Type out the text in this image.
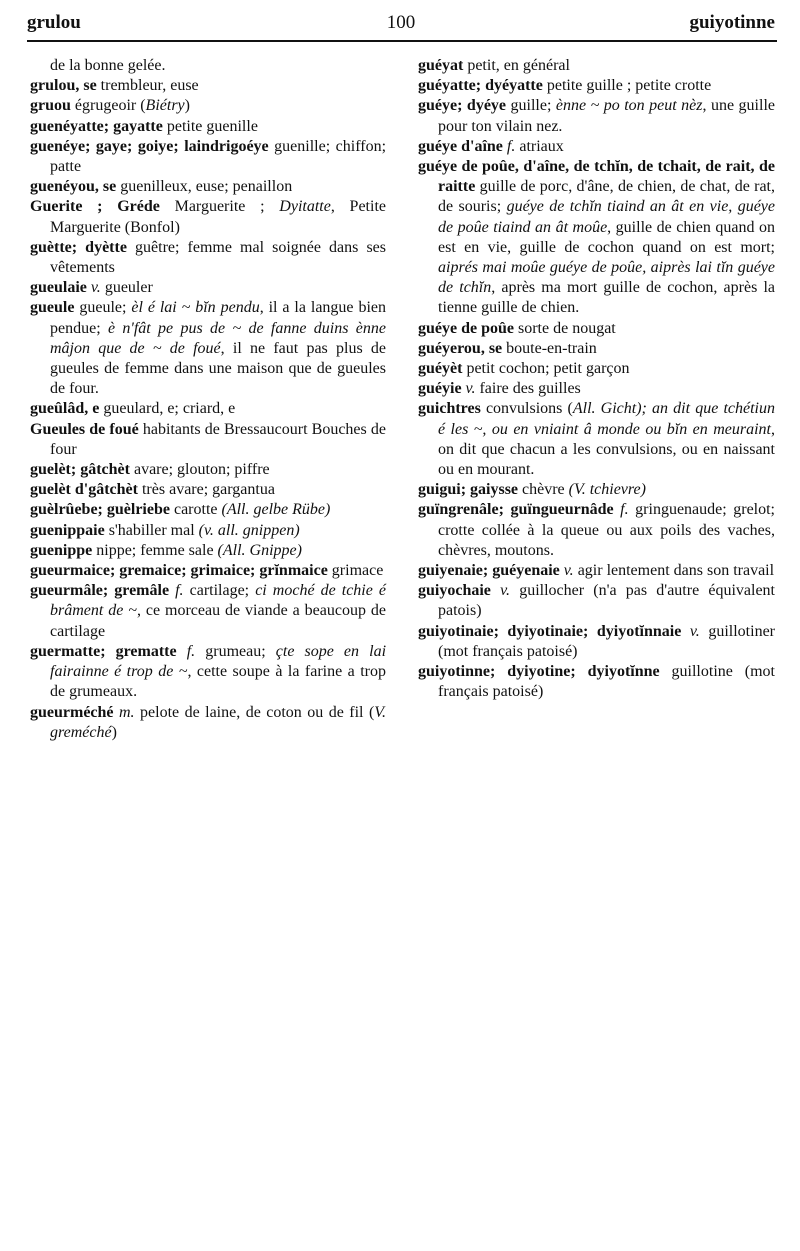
grulou	100	guiyotinne

de la bonne gelée.

grulou, se trembleur, euse

gruou égrugeoir (Biétry)

guenéyatte; gayatte petite guenille

guenéye; gaye; goiye; laindrigoéye guenille; chiffon; patte

guenéyou, se guenilleux, euse; penaillon

Guerite ; Gréde Marguerite ; Dyitatte, Petite Marguerite (Bonfol)

guètte; dyètte guêtre; femme mal soignée dans ses vêtements

gueulaie v. gueuler

gueule gueule; èl é lai ~ bĭn pendu, il a la langue bien pendue; è n'fât pe pus de ~ de fanne duins ènne mâjon que de ~ de foué, il ne faut pas plus de gueules de femme dans une maison que de gueules de four.

gueûlâd, e gueulard, e; criard, e

Gueules de foué habitants de Bressaucourt Bouches de four

guelèt; gâtchèt avare; glouton; piffre

guelèt d'gâtchèt très avare; gargantua

guèlrûebe; guèlriebe carotte (All. gelbe Rübe)

guenippaie s'habiller mal (v. all. gnippen)

guenippe nippe; femme sale (All. Gnippe)

gueurmaice; gremaice; grimaice; grĭnmaice grimace

gueurmâle; gremâle f. cartilage; ci moché de tchie é brâment de ~, ce morceau de viande a beaucoup de cartilage

guermatte; grematte f. grumeau; çte sope en lai fairainne é trop de ~, cette soupe à la farine a trop de grumeaux.

gueurméché m. pelote de laine, de coton ou de fil (V. greméché)

guéyat petit, en général

guéyatte; dyéyatte petite guille ; petite crotte

guéye; dyéye guille; ènne ~ po ton peut nèz, une guille pour ton vilain nez.

guéye d'aîne f. atriaux

guéye de poûe, d'aîne, de tchĭn, de tchait, de rait, de raitte guille de porc, d'âne, de chien, de chat, de rat, de souris; guéye de tchĭn tiaind an ât en vie, guéye de poûe tiaind an ât moûe, guille de chien quand on est en vie, guille de cochon quand on est mort; aiprés mai moûe guéye de poûe, aiprès lai tĭn guéye de tchĭn, après ma mort guille de cochon, après la tienne guille de chien.

guéye de poûe sorte de nougat

guéyerou, se boute-en-train

guéyèt petit cochon; petit garçon

guéyie v. faire des guilles

guichtres convulsions (All. Gicht); an dit que tchétiun é les ~, ou en vniaint â monde ou bĭn en meuraint, on dit que chacun a les convulsions, ou en naissant ou en mourant.

guigui; gaiysse chèvre (V. tchievre)

guïngrenâle; guïngueurnâde f. gringuenaude; grelot; crotte collée à la queue ou aux poils des vaches, chèvres, moutons.

guiyenaie; guéyenaie v. agir lentement dans son travail

guiyochaie v. guillocher (n'a pas d'autre équivalent patois)

guiyotinaie; dyiyotinaie; dyiyotĭnnaie v. guillotiner (mot français patoisé)

guiyotinne; dyiyotine; dyiyotĭnne guillotine (mot français patoisé)
